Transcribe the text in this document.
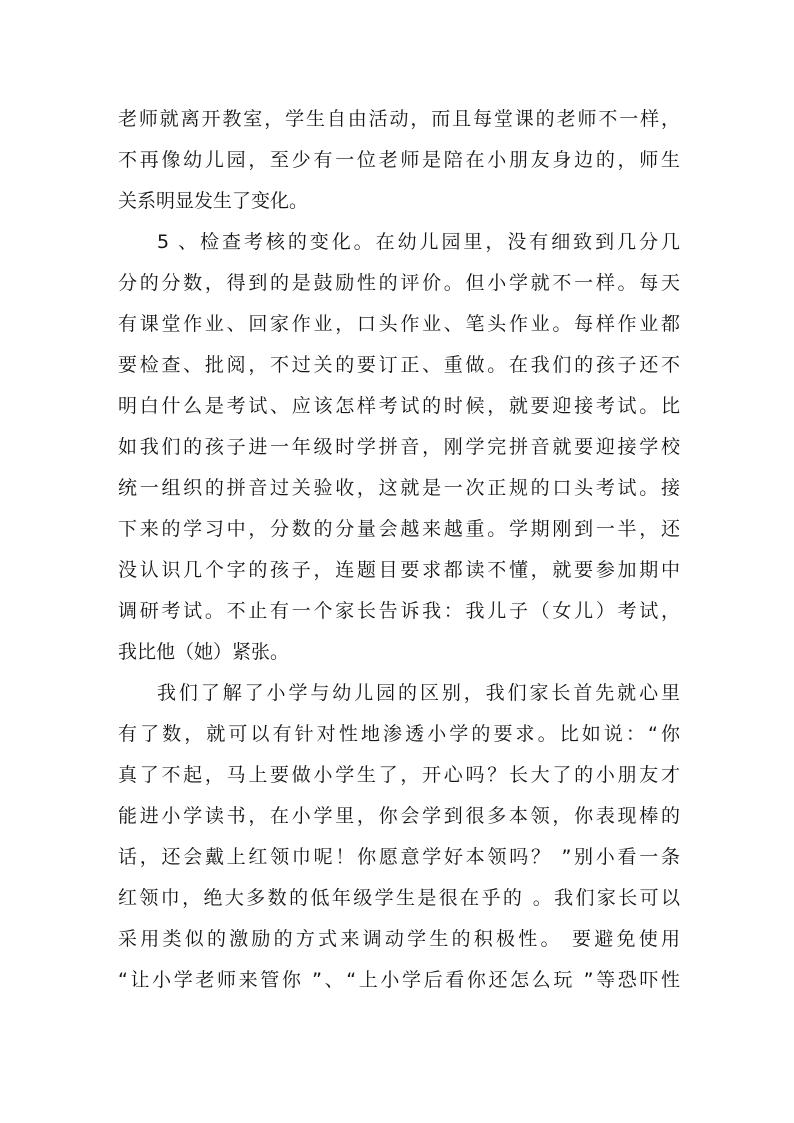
老师就离开教室，学生自由活动，而且每堂课的老师不一样，
不再像幼儿园，至少有一位老师是陪在小朋友身边的，师生
关系明显发生了变化。
5 、检查考核的变化。在幼儿园里，没有细致到几分几
分的分数，得到的是鼓励性的评价。但小学就不一样。每天
有课堂作业、回家作业，口头作业、笔头作业。每样作业都
要检查、批阅，不过关的要订正、重做。在我们的孩子还不
明白什么是考试、应该怎样考试的时候，就要迎接考试。比
如我们的孩子进一年级时学拼音，刚学完拼音就要迎接学校
统一组织的拼音过关验收，这就是一次正规的口头考试。接
下来的学习中，分数的分量会越来越重。学期刚到一半，还
没认识几个字的孩子，连题目要求都读不懂，就要参加期中
调研考试。不止有一个家长告诉我：我儿子（女儿）考试，
我比他（她）紧张。
我们了解了小学与幼儿园的区别，我们家长首先就心里
有了数，就可以有针对性地渗透小学的要求。比如说：“你
真了不起，马上要做小学生了，开心吗？长大了的小朋友才
能进小学读书，在小学里，你会学到很多本领，你表现棒的
话，还会戴上红领巾呢！你愿意学好本领吗？ ”别小看一条
红领巾，绝大多数的低年级学生是很在乎的 。我们家长可以
采用类似的激励的方式来调动学生的积极性。 要避免使用
“让小学老师来管你 ”、“上小学后看你还怎么玩 ”等恐吓性
